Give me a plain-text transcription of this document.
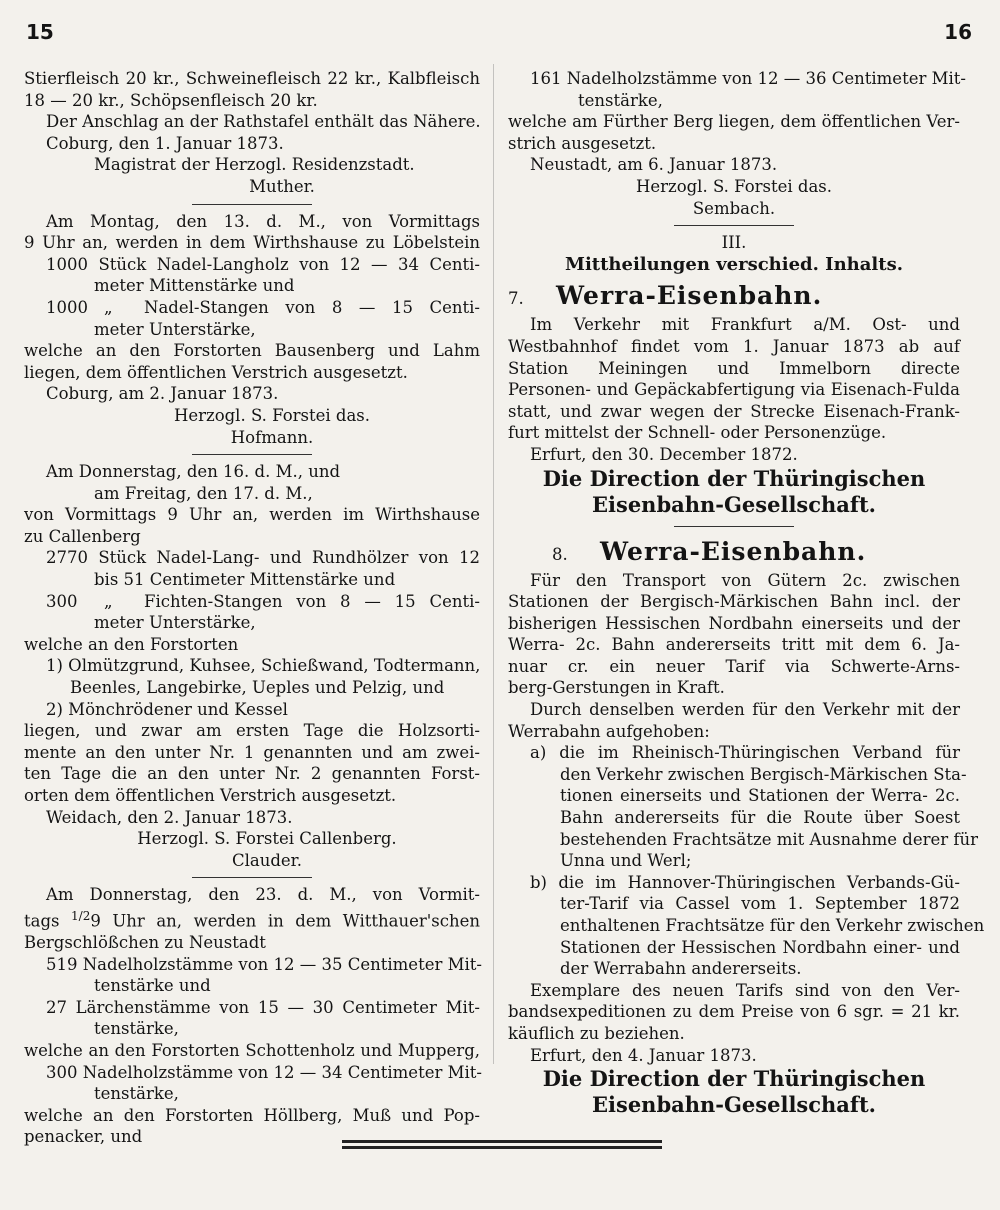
15	16
Stierfleisch 20 kr., Schweinefleisch 22 kr., Kalbfleisch
18 — 20 kr., Schöpsenfleisch 20 kr.
Der Anschlag an der Rathstafel enthält das Nähere.
Coburg, den 1. Januar 1873.
Magistrat der Herzogl. Residenzstadt.
Muther.
Am Montag, den 13. d. M., von Vormittags
9 Uhr an, werden in dem Wirthshause zu Löbelstein
1000 Stück Nadel-Langholz von 12 — 34 Centi-
meter Mittenstärke und
1000 „	Nadel-Stangen von 8 — 15 Centi-
meter Unterstärke,
welche an den Forstorten Bausenberg und Lahm
liegen, dem öffentlichen Verstrich ausgesetzt.
Coburg, am 2. Januar 1873.
Herzogl. S. Forstei das.
Hofmann.
Am Donnerstag, den 16. d. M., und
am Freitag, den 17. d. M.,
von Vormittags 9 Uhr an, werden im Wirthshause
zu Callenberg
2770 Stück Nadel-Lang- und Rundhölzer von 12
bis 51 Centimeter Mittenstärke und
300	„	Fichten-Stangen von 8 — 15 Centi-
meter Unterstärke,
welche an den Forstorten
1) Olmützgrund, Kuhsee, Schießwand, Todtermann,
Beenles, Langebirke, Ueples und Pelzig, und
2) Mönchrödener und Kessel
liegen, und zwar am ersten Tage die Holzsorti-
mente an den unter Nr. 1 genannten und am zwei-
ten Tage die an den unter Nr. 2 genannten Forst-
orten dem öffentlichen Verstrich ausgesetzt.
Weidach, den 2. Januar 1873.
Herzogl. S. Forstei Callenberg.
Clauder.
Am Donnerstag, den 23. d. M., von Vormit-
tags $^{1/2}$9 Uhr an, werden in dem Witthauer'schen
Bergschlößchen zu Neustadt
519 Nadelholzstämme von 12 — 35 Centimeter Mit-
tenstärke und
27 Lärchenstämme von 15 — 30 Centimeter Mit-
tenstärke,
welche an den Forstorten Schottenholz und Mupperg,
300 Nadelholzstämme von 12 — 34 Centimeter Mit-
tenstärke,
welche an den Forstorten Höllberg, Muß und Pop-
penacker, und
161 Nadelholzstämme von 12 — 36 Centimeter Mit-
tenstärke,
welche am Fürther Berg liegen, dem öffentlichen Ver-
strich ausgesetzt.
Neustadt, am 6. Januar 1873.
Herzogl. S. Forstei das.
Sembach.
III.
Mittheilungen verschied. Inhalts.
7. Werra-Eisenbahn.
Im Verkehr mit Frankfurt a/M. Ost- und
Westbahnhof findet vom 1. Januar 1873 ab auf
Station Meiningen und Immelborn directe
Personen- und Gepäckabfertigung via Eisenach-Fulda
statt, und zwar wegen der Strecke Eisenach-Frank-
furt mittelst der Schnell- oder Personenzüge.
Erfurt, den 30. December 1872.
Die Direction der Thüringischen
Eisenbahn-Gesellschaft.
8. Werra-Eisenbahn.
Für den Transport von Gütern 2c. zwischen
Stationen der Bergisch-Märkischen Bahn incl. der
bisherigen Hessischen Nordbahn einerseits und der
Werra- 2c. Bahn andererseits tritt mit dem 6. Ja-
nuar cr. ein neuer Tarif via Schwerte-Arns-
berg-Gerstungen in Kraft.
Durch denselben werden für den Verkehr mit der
Werrabahn aufgehoben:
a) die im Rheinisch-Thüringischen Verband für
den Verkehr zwischen Bergisch-Märkischen Sta-
tionen einerseits und Stationen der Werra- 2c.
Bahn andererseits für die Route über Soest
bestehenden Frachtsätze mit Ausnahme derer für
Unna und Werl;
b) die im Hannover-Thüringischen Verbands-Gü-
ter-Tarif via Cassel vom 1. September 1872
enthaltenen Frachtsätze für den Verkehr zwischen
Stationen der Hessischen Nordbahn einer- und
der Werrabahn andererseits.
Exemplare des neuen Tarifs sind von den Ver-
bandsexpeditionen zu dem Preise von 6 sgr. = 21 kr.
käuflich zu beziehen.
Erfurt, den 4. Januar 1873.
Die Direction der Thüringischen
Eisenbahn-Gesellschaft.
